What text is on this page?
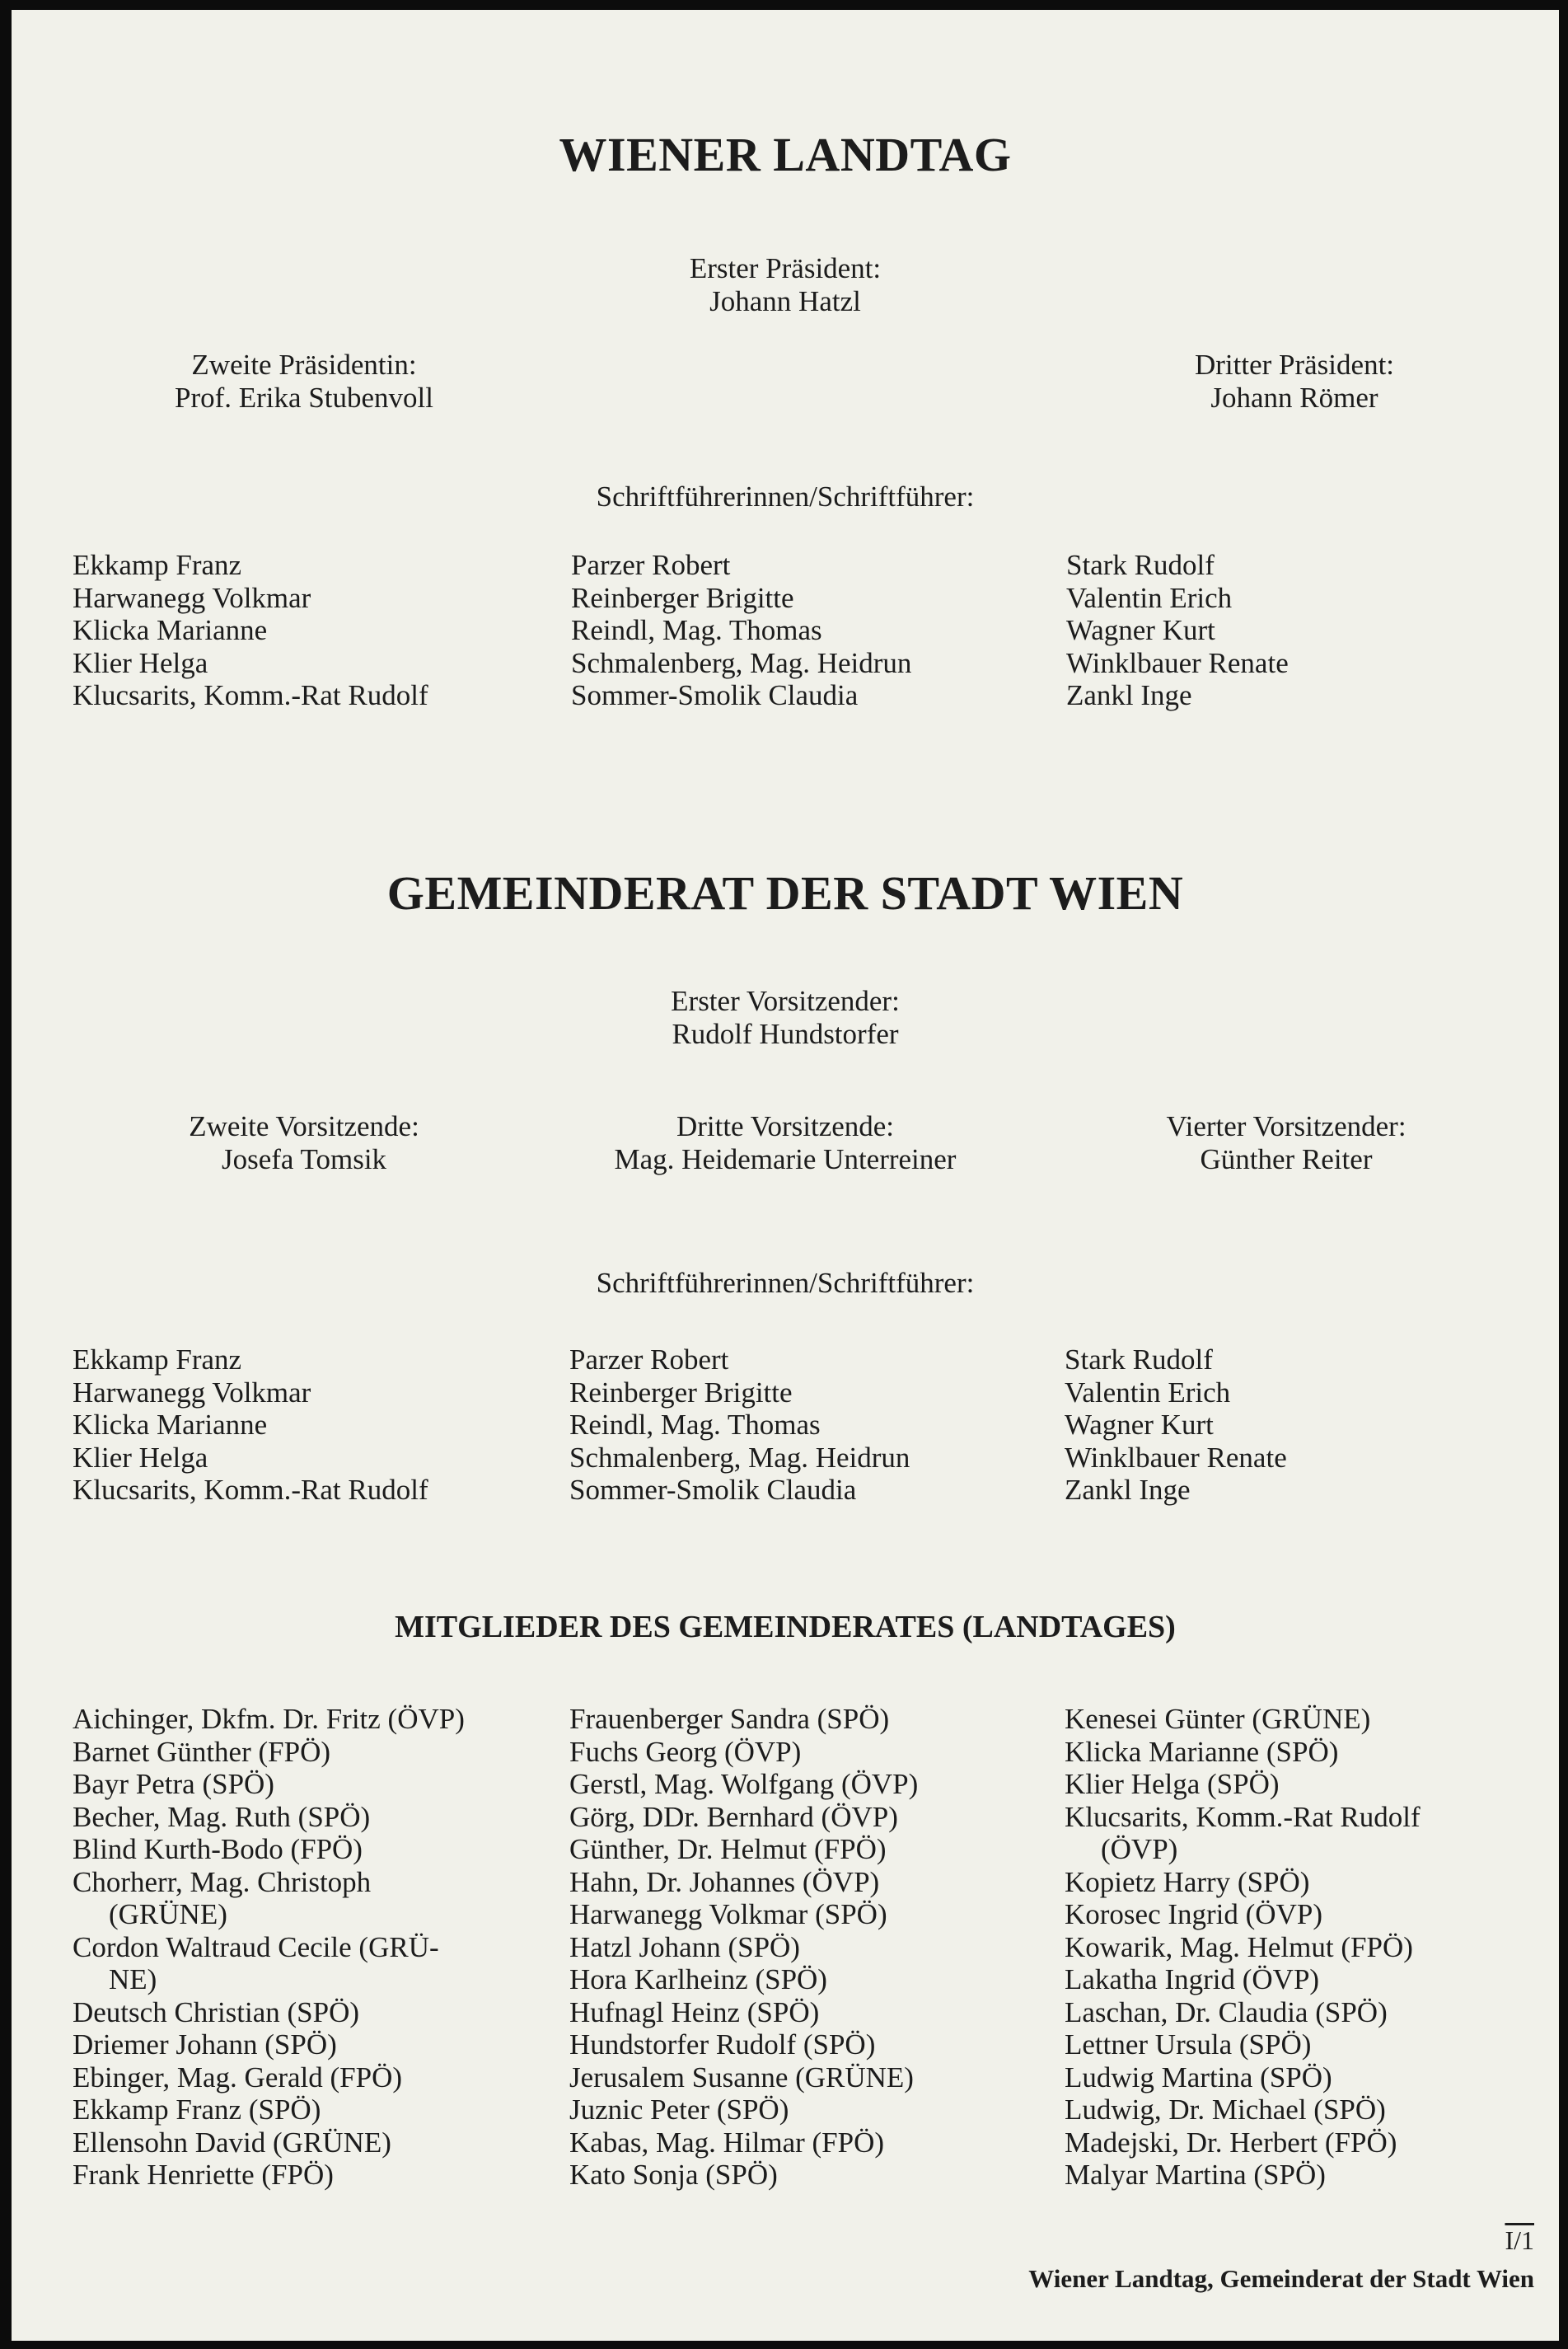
WIENER LANDTAG
Erster Präsident:
Johann Hatzl
Zweite Präsidentin:
Prof. Erika Stubenvoll
Dritter Präsident:
Johann Römer
Schriftführerinnen/Schriftführer:
Ekkamp Franz
Harwanegg Volkmar
Klicka Marianne
Klier Helga
Klucsarits, Komm.-Rat Rudolf
Parzer Robert
Reinberger Brigitte
Reindl, Mag. Thomas
Schmalenberg, Mag. Heidrun
Sommer-Smolik Claudia
Stark Rudolf
Valentin Erich
Wagner Kurt
Winklbauer Renate
Zankl Inge
GEMEINDERAT DER STADT WIEN
Erster Vorsitzender:
Rudolf Hundstorfer
Zweite Vorsitzende:
Josefa Tomsik
Dritte Vorsitzende:
Mag. Heidemarie Unterreiner
Vierter Vorsitzender:
Günther Reiter
Schriftführerinnen/Schriftführer:
Ekkamp Franz
Harwanegg Volkmar
Klicka Marianne
Klier Helga
Klucsarits, Komm.-Rat Rudolf
Parzer Robert
Reinberger Brigitte
Reindl, Mag. Thomas
Schmalenberg, Mag. Heidrun
Sommer-Smolik Claudia
Stark Rudolf
Valentin Erich
Wagner Kurt
Winklbauer Renate
Zankl Inge
MITGLIEDER DES GEMEINDERATES (LANDTAGES)
Aichinger, Dkfm. Dr. Fritz (ÖVP)
Barnet Günther (FPÖ)
Bayr Petra (SPÖ)
Becher, Mag. Ruth (SPÖ)
Blind Kurth-Bodo (FPÖ)
Chorherr, Mag. Christoph
(GRÜNE)
Cordon Waltraud Cecile (GRÜ-
NE)
Deutsch Christian (SPÖ)
Driemer Johann (SPÖ)
Ebinger, Mag. Gerald (FPÖ)
Ekkamp Franz (SPÖ)
Ellensohn David (GRÜNE)
Frank Henriette (FPÖ)
Frauenberger Sandra (SPÖ)
Fuchs Georg (ÖVP)
Gerstl, Mag. Wolfgang (ÖVP)
Görg, DDr. Bernhard (ÖVP)
Günther, Dr. Helmut (FPÖ)
Hahn, Dr. Johannes (ÖVP)
Harwanegg Volkmar (SPÖ)
Hatzl Johann (SPÖ)
Hora Karlheinz (SPÖ)
Hufnagl Heinz (SPÖ)
Hundstorfer Rudolf (SPÖ)
Jerusalem Susanne (GRÜNE)
Juznic Peter (SPÖ)
Kabas, Mag. Hilmar (FPÖ)
Kato Sonja (SPÖ)
Kenesei Günter (GRÜNE)
Klicka Marianne (SPÖ)
Klier Helga (SPÖ)
Klucsarits, Komm.-Rat Rudolf
(ÖVP)
Kopietz Harry (SPÖ)
Korosec Ingrid (ÖVP)
Kowarik, Mag. Helmut (FPÖ)
Lakatha Ingrid (ÖVP)
Laschan, Dr. Claudia (SPÖ)
Lettner Ursula (SPÖ)
Ludwig Martina (SPÖ)
Ludwig, Dr. Michael (SPÖ)
Madejski, Dr. Herbert (FPÖ)
Malyar Martina (SPÖ)
I/1
Wiener Landtag, Gemeinderat der Stadt Wien
